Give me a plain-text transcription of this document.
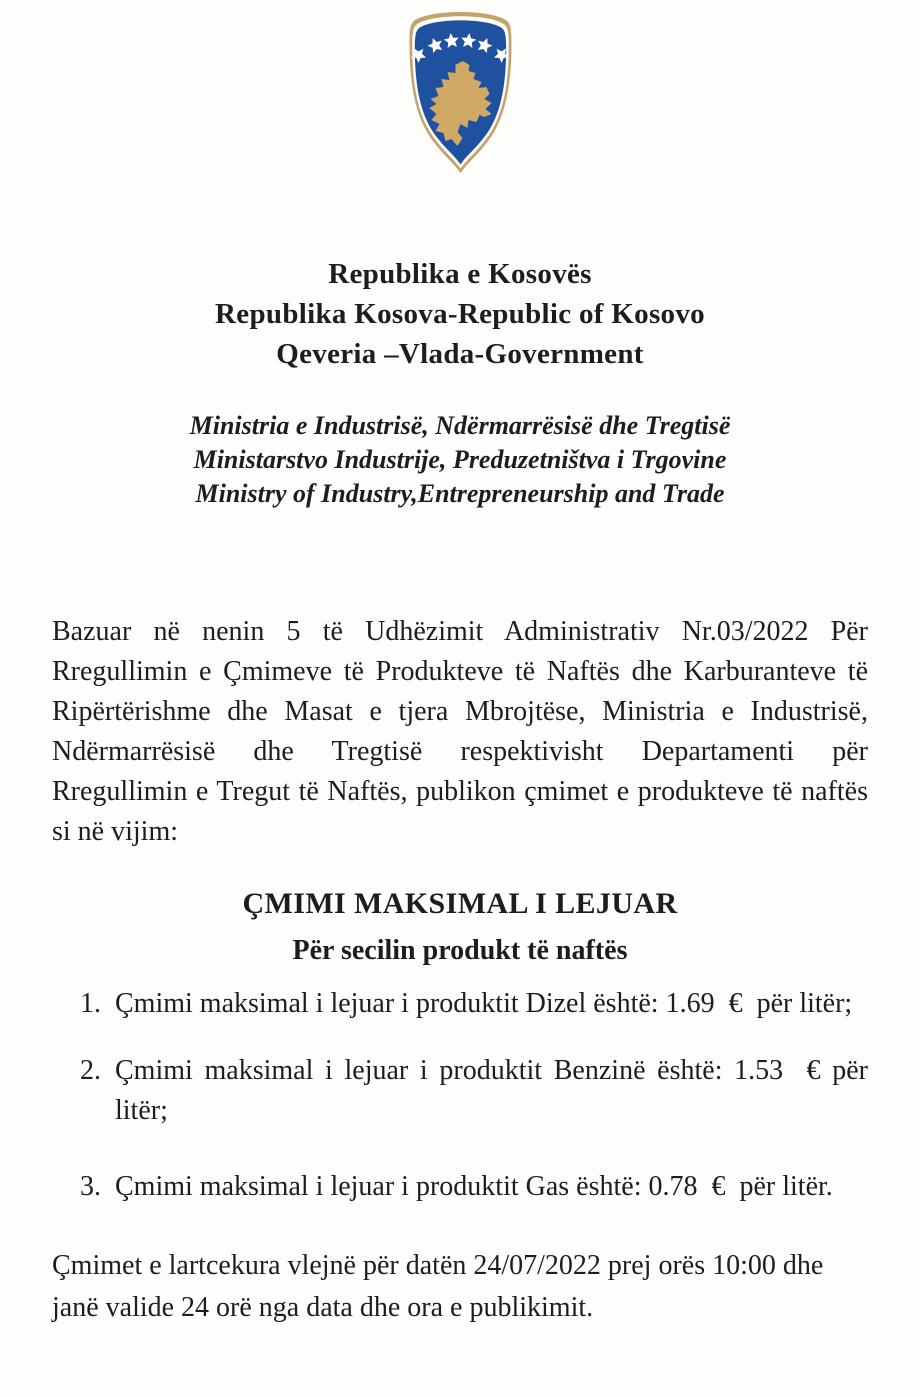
Republika e Kosovës
Republika Kosova-Republic of Kosovo
Qeveria –Vlada-Government
Ministria e Industrisë, Ndërmarrësisë dhe Tregtisë
Ministarstvo Industrije, Preduzetništva i Trgovine
Ministry of Industry,Entrepreneurship and Trade
Bazuar në nenin 5 të Udhëzimit Administrativ Nr.03/2022 Për
Rregullimin e Çmimeve të Produkteve të Naftës dhe Karburanteve të
Ripërtërishme dhe Masat e tjera Mbrojtëse, Ministria e Industrisë,
Ndërmarrësisë dhe Tregtisë respektivisht Departamenti për
Rregullimin e Tregut të Naftës, publikon çmimet e produkteve të naftës
si në vijim:
ÇMIMI MAKSIMAL I LEJUAR
Për secilin produkt të naftës
1. Çmimi maksimal i lejuar i produktit Dizel është: 1.69  €  për litër;
2. Çmimi maksimal i lejuar i produktit Benzinë është: 1.53  € për
litër;
3. Çmimi maksimal i lejuar i produktit Gas është: 0.78  €  për litër.
Çmimet e lartcekura vlejnë për datën 24/07/2022 prej orës 10:00 dhe
janë valide 24 orë nga data dhe ora e publikimit.
